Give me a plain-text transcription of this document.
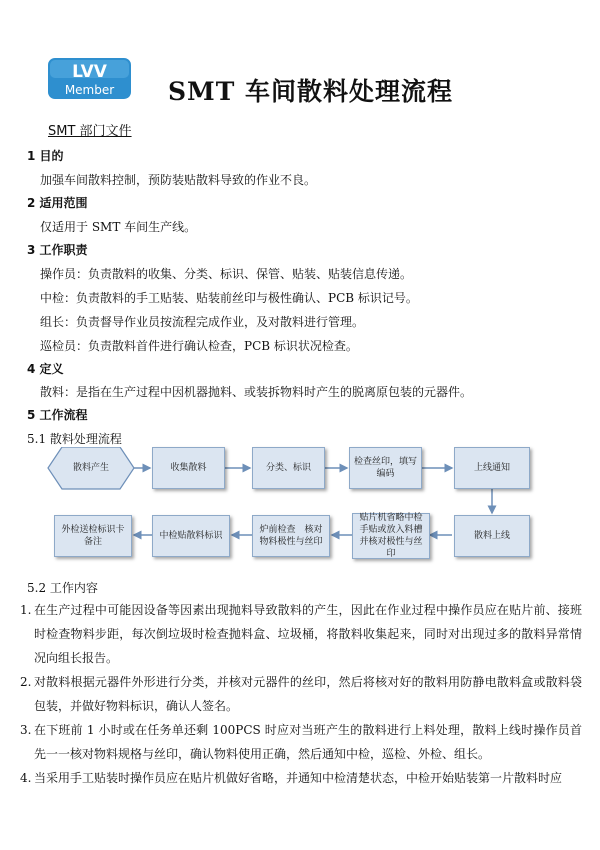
LVV
Member SMT 车间散料处理流程
SMT 部门文件
1 目的
加强车间散料控制，预防装贴散料导致的作业不良。
2 适用范围
仅适用于 SMT 车间生产线。
3 工作职责
操作员：负责散料的收集、分类、标识、保管、贴装、贴装信息传递。
中检：负责散料的手工贴装、贴装前丝印与极性确认、PCB 标识记号。
组长：负责督导作业员按流程完成作业，及对散料进行管理。
巡检员：负责散料首件进行确认检查，PCB 标识状况检查。
4 定义
散料：是指在生产过程中因机器抛料、或装拆物料时产生的脱离原包装的元器件。
5 工作流程
5.1 散料处理流程
散料产生	收集散料	分类、标识
检查丝印，填写编码
上线通知
散料上线
贴片机省略中检手贴或放入料槽并核对极性与丝印
炉前检查　核对物料极性与丝印
中检贴散料标识
外检送检标识卡备注
5.2 工作内容
1. 在生产过程中可能因设备等因素出现抛料导致散料的产生，因此在作业过程中操作员应在贴片前、接班时检查物料步距，每次倒垃圾时检查抛料盒、垃圾桶，将散料收集起来，同时对出现过多的散料异常情况向组长报告。
2. 对散料根据元器件外形进行分类，并核对元器件的丝印，然后将核对好的散料用防静电散料盒或散料袋包装，并做好物料标识，确认人签名。
3. 在下班前 1 小时或在任务单还剩 100PCS 时应对当班产生的散料进行上料处理，散料上线时操作员首先一一核对物料规格与丝印，确认物料使用正确，然后通知中检，巡检、外检、组长。
4. 当采用手工贴装时操作员应在贴片机做好省略，并通知中检清楚状态，中检开始贴装第一片散料时应
